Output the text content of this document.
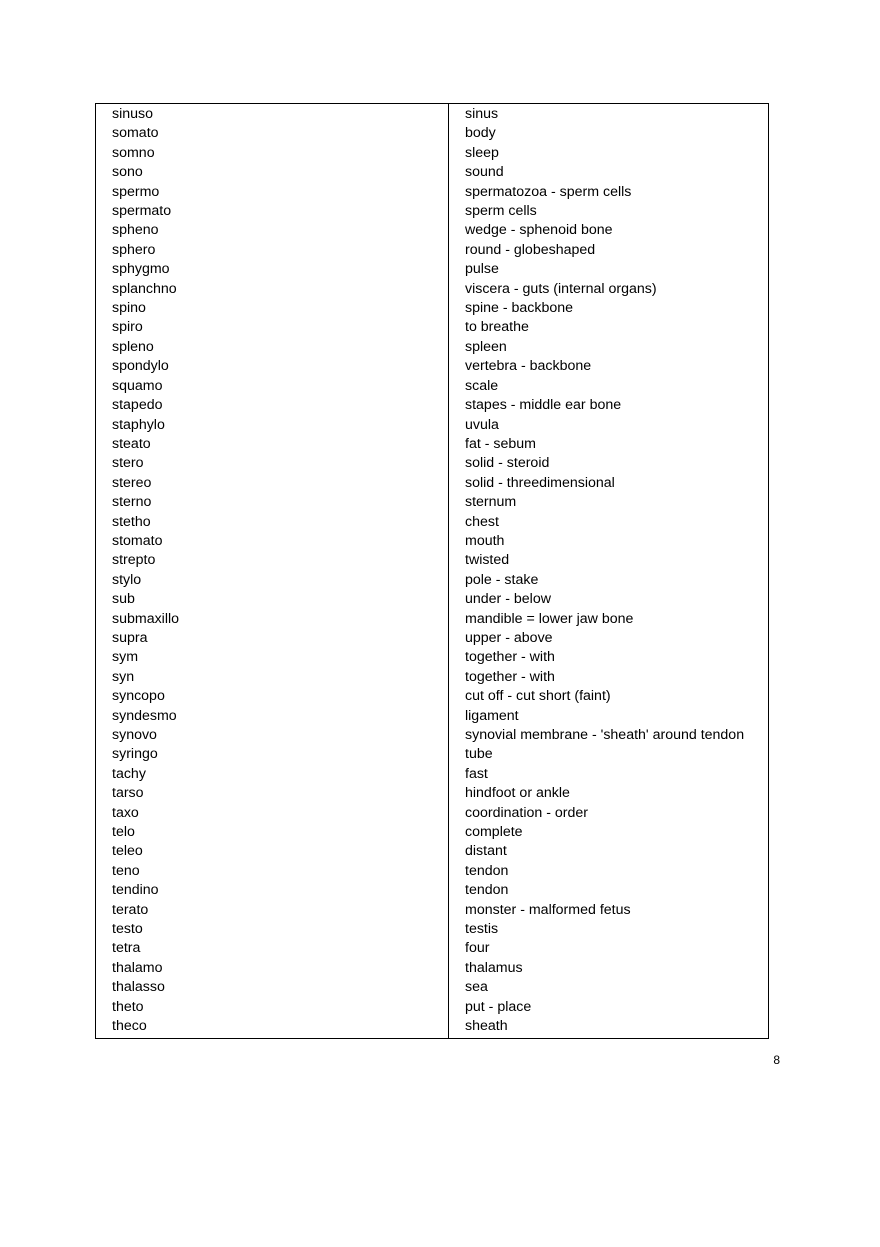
sinuso	sinus
somato	body
somno	sleep
sono	sound
spermo	spermatozoa - sperm cells
spermato	sperm cells
spheno	wedge - sphenoid bone
sphero	round - globeshaped
sphygmo	pulse
splanchno	viscera - guts (internal organs)
spino	spine - backbone
spiro	to breathe
spleno	spleen
spondylo	vertebra - backbone
squamo	scale
stapedo	stapes - middle ear bone
staphylo	uvula
steato	fat - sebum
stero	solid - steroid
stereo	solid - threedimensional
sterno	sternum
stetho	chest
stomato	mouth
strepto	twisted
stylo	pole - stake
sub	under - below
submaxillo	mandible = lower jaw bone
supra	upper - above
sym	together - with
syn	together - with
syncopo	cut off - cut short (faint)
syndesmo	ligament
synovo	synovial membrane - 'sheath' around tendon
syringo	tube
tachy	fast
tarso	hindfoot or ankle
taxo	coordination - order
telo	complete
teleo	distant
teno	tendon
tendino	tendon
terato	monster - malformed fetus
testo	testis
tetra	four
thalamo	thalamus
thalasso	sea
theto	put - place
theco	sheath
8
